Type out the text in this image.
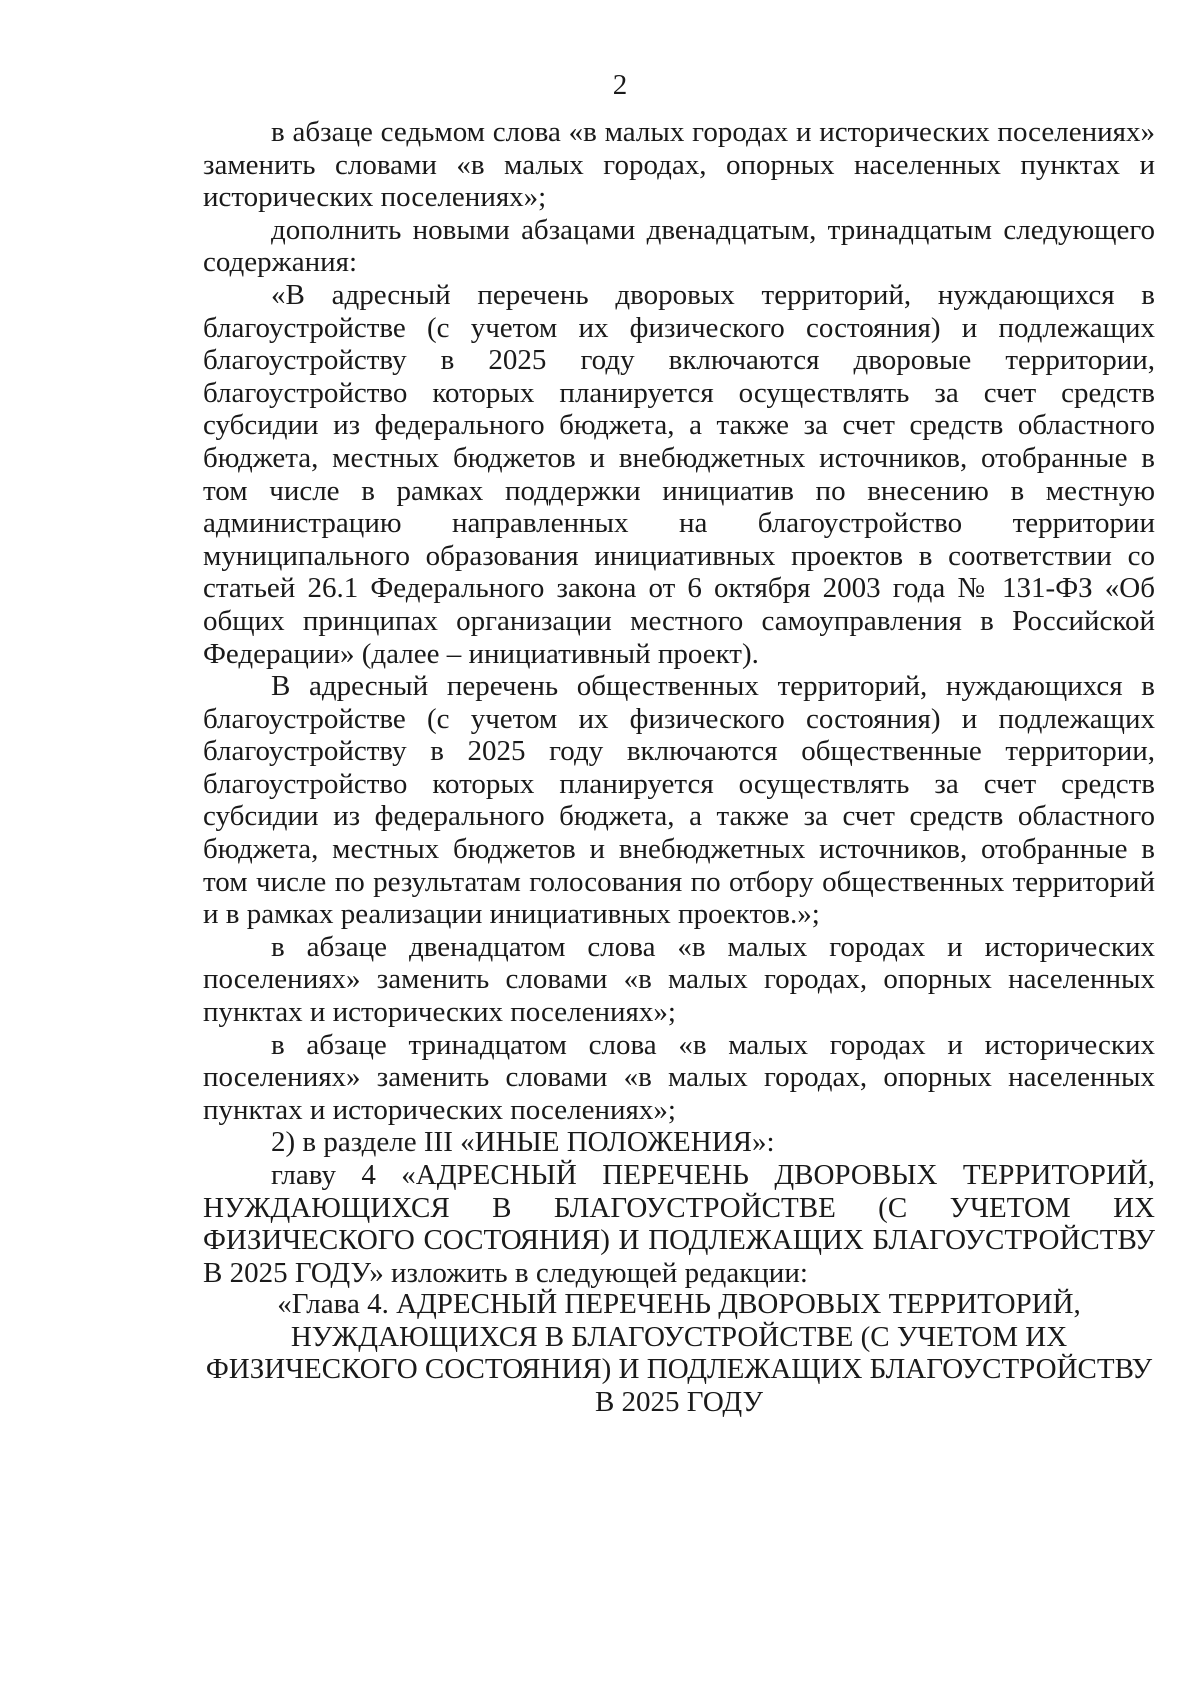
2

в абзаце седьмом слова «в малых городах и исторических поселениях» заменить словами «в малых городах, опорных населенных пунктах и исторических поселениях»;

дополнить новыми абзацами двенадцатым, тринадцатым следующего содержания:

«В адресный перечень дворовых территорий, нуждающихся в благоустройстве (с учетом их физического состояния) и подлежащих благоустройству в 2025 году включаются дворовые территории, благоустройство которых планируется осуществлять за счет средств субсидии из федерального бюджета, а также за счет средств областного бюджета, местных бюджетов и внебюджетных источников, отобранные в том числе в рамках поддержки инициатив по внесению в местную администрацию направленных на благоустройство территории муниципального образования инициативных проектов в соответствии со статьей 26.1 Федерального закона от 6 октября 2003 года № 131-ФЗ «Об общих принципах организации местного самоуправления в Российской Федерации» (далее – инициативный проект).

В адресный перечень общественных территорий, нуждающихся в благоустройстве (с учетом их физического состояния) и подлежащих благоустройству в 2025 году включаются общественные территории, благоустройство которых планируется осуществлять за счет средств субсидии из федерального бюджета, а также за счет средств областного бюджета, местных бюджетов и внебюджетных источников, отобранные в том числе по результатам голосования по отбору общественных территорий и в рамках реализации инициативных проектов.»;

в абзаце двенадцатом слова «в малых городах и исторических поселениях» заменить словами «в малых городах, опорных населенных пунктах и исторических поселениях»;

в абзаце тринадцатом слова «в малых городах и исторических поселениях» заменить словами «в малых городах, опорных населенных пунктах и исторических поселениях»;

2) в разделе III «ИНЫЕ ПОЛОЖЕНИЯ»:

главу 4 «АДРЕСНЫЙ ПЕРЕЧЕНЬ ДВОРОВЫХ ТЕРРИТОРИЙ, НУЖДАЮЩИХСЯ В БЛАГОУСТРОЙСТВЕ (С УЧЕТОМ ИХ ФИЗИЧЕСКОГО СОСТОЯНИЯ) И ПОДЛЕЖАЩИХ БЛАГОУСТРОЙСТВУ В 2025 ГОДУ» изложить в следующей редакции:

«Глава 4. АДРЕСНЫЙ ПЕРЕЧЕНЬ ДВОРОВЫХ ТЕРРИТОРИЙ,
НУЖДАЮЩИХСЯ В БЛАГОУСТРОЙСТВЕ (С УЧЕТОМ ИХ
ФИЗИЧЕСКОГО СОСТОЯНИЯ) И ПОДЛЕЖАЩИХ БЛАГОУСТРОЙСТВУ
В 2025 ГОДУ
